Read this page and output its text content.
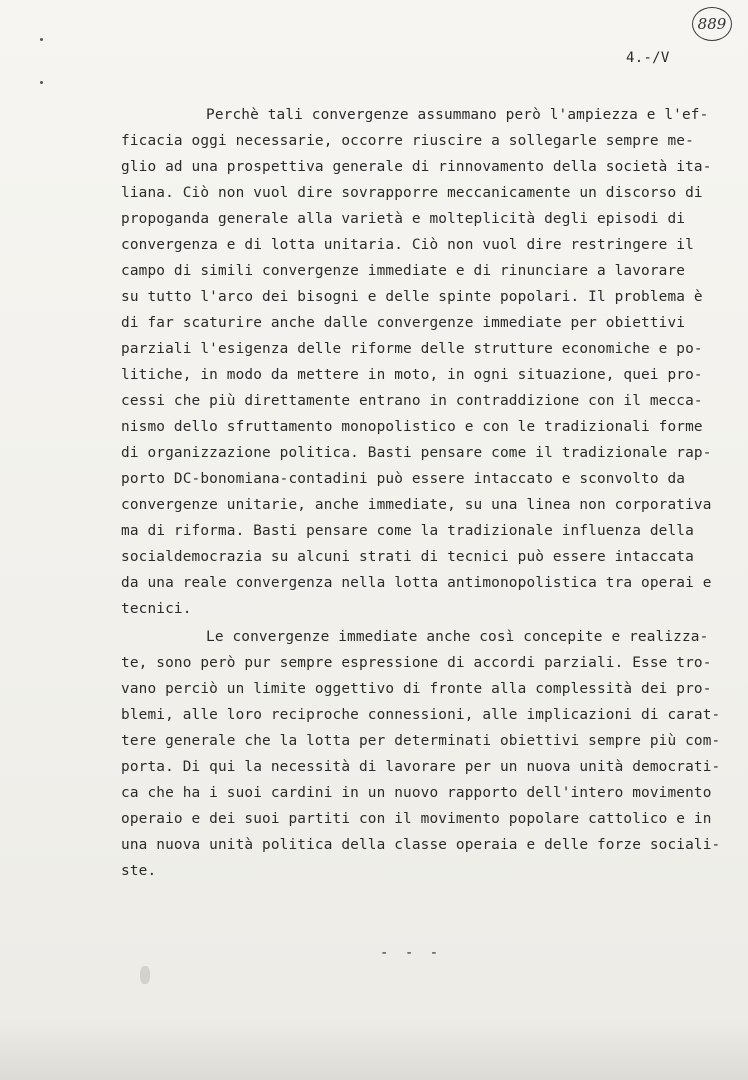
889
4.-/V
Perchè tali convergenze assummano però l'ampiezza e l'ef-
ficacia oggi necessarie, occorre riuscire a sollegarle sempre me-
glio ad una prospettiva generale di rinnovamento della società ita-
liana. Ciò non vuol dire sovrapporre meccanicamente un discorso di
propoganda generale alla varietà e molteplicità degli episodi di
convergenza e di lotta unitaria. Ciò non vuol dire restringere il
campo di simili convergenze immediate e di rinunciare a lavorare
su tutto l'arco dei bisogni e delle spinte popolari. Il problema è
di far scaturire anche dalle convergenze immediate per obiettivi
parziali l'esigenza delle riforme delle strutture economiche e po-
litiche, in modo da mettere in moto, in ogni situazione, quei pro-
cessi che più direttamente entrano in contraddizione con il mecca-
nismo dello sfruttamento monopolistico e con le tradizionali forme
di organizzazione politica. Basti pensare come il tradizionale rap-
porto DC-bonomiana-contadini può essere intaccato e sconvolto da
convergenze unitarie, anche immediate, su una linea non corporativa
ma di riforma. Basti pensare come la tradizionale influenza della
socialdemocrazia su alcuni strati di tecnici può essere intaccata
da una reale convergenza nella lotta antimonopolistica tra operai e
tecnici.
Le convergenze immediate anche così concepite e realizza-
te, sono però pur sempre espressione di accordi parziali. Esse tro-
vano perciò un limite oggettivo di fronte alla complessità dei pro-
blemi, alle loro reciproche connessioni, alle implicazioni di carat-
tere generale che la lotta per determinati obiettivi sempre più com-
porta. Di qui la necessità di lavorare per un nuova unità democrati-
ca che ha i suoi cardini in un nuovo rapporto dell'intero movimento
operaio e dei suoi partiti con il movimento popolare cattolico e in
una nuova unità politica della classe operaia e delle forze sociali-
ste.
- - -
